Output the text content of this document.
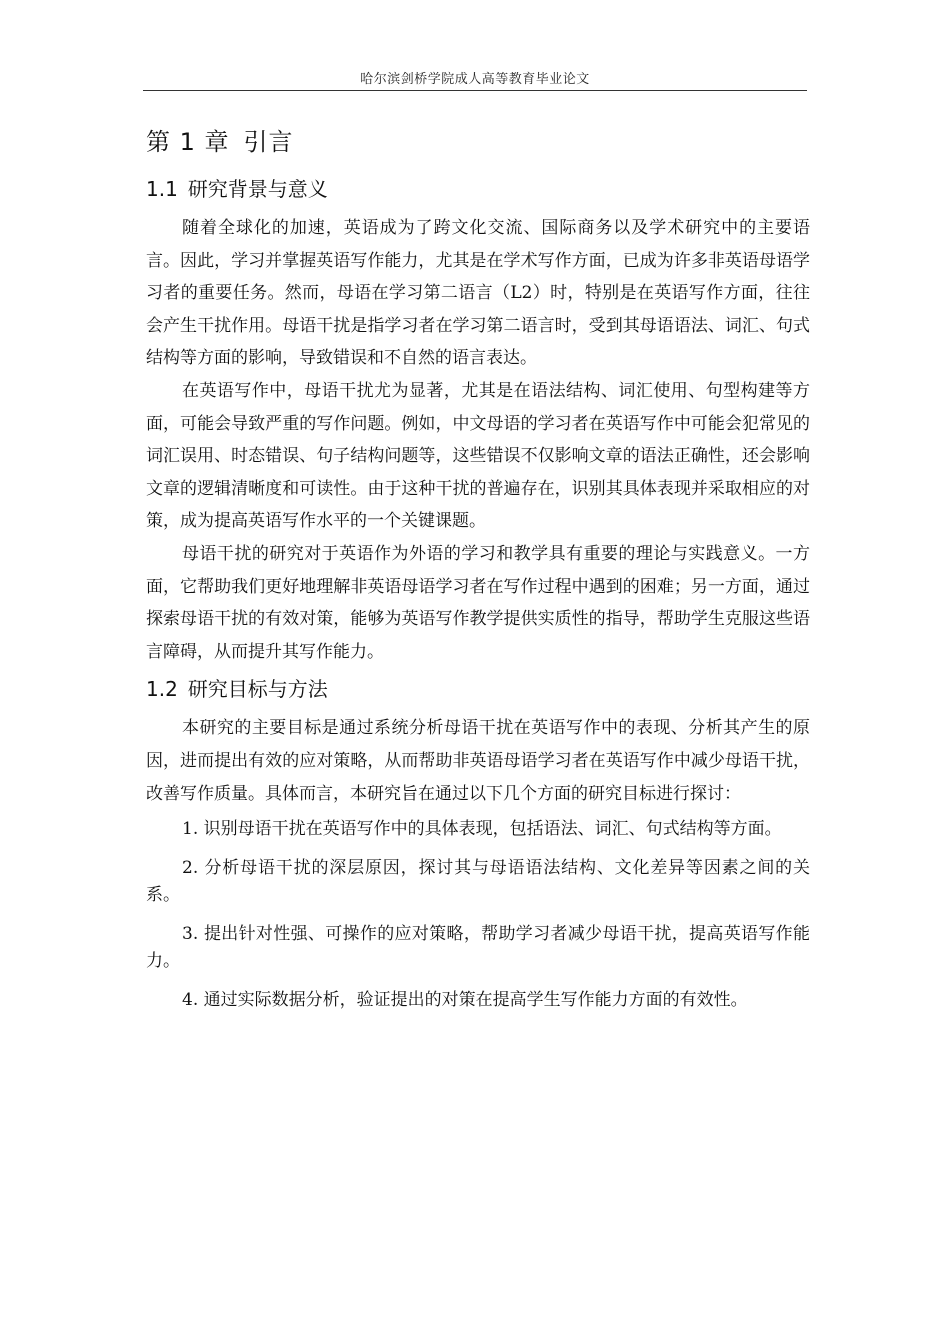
哈尔滨剑桥学院成人高等教育毕业论文
第 1 章 引言
1.1 研究背景与意义

随着全球化的加速，英语成为了跨文化交流、国际商务以及学术研究中的主要语言。因此，学习并掌握英语写作能力，尤其是在学术写作方面，已成为许多非英语母语学习者的重要任务。然而，母语在学习第二语言（L2）时，特别是在英语写作方面，往往会产生干扰作用。母语干扰是指学习者在学习第二语言时，受到其母语语法、词汇、句式结构等方面的影响，导致错误和不自然的语言表达。

在英语写作中，母语干扰尤为显著，尤其是在语法结构、词汇使用、句型构建等方面，可能会导致严重的写作问题。例如，中文母语的学习者在英语写作中可能会犯常见的词汇误用、时态错误、句子结构问题等，这些错误不仅影响文章的语法正确性，还会影响文章的逻辑清晰度和可读性。由于这种干扰的普遍存在，识别其具体表现并采取相应的对策，成为提高英语写作水平的一个关键课题。

母语干扰的研究对于英语作为外语的学习和教学具有重要的理论与实践意义。一方面，它帮助我们更好地理解非英语母语学习者在写作过程中遇到的困难；另一方面，通过探索母语干扰的有效对策，能够为英语写作教学提供实质性的指导，帮助学生克服这些语言障碍，从而提升其写作能力。

1.2 研究目标与方法

本研究的主要目标是通过系统分析母语干扰在英语写作中的表现、分析其产生的原因，进而提出有效的应对策略，从而帮助非英语母语学习者在英语写作中减少母语干扰，改善写作质量。具体而言，本研究旨在通过以下几个方面的研究目标进行探讨：

1. 识别母语干扰在英语写作中的具体表现，包括语法、词汇、句式结构等方面。

2. 分析母语干扰的深层原因，探讨其与母语语法结构、文化差异等因素之间的关系。

3. 提出针对性强、可操作的应对策略，帮助学习者减少母语干扰，提高英语写作能力。

4. 通过实际数据分析，验证提出的对策在提高学生写作能力方面的有效性。
